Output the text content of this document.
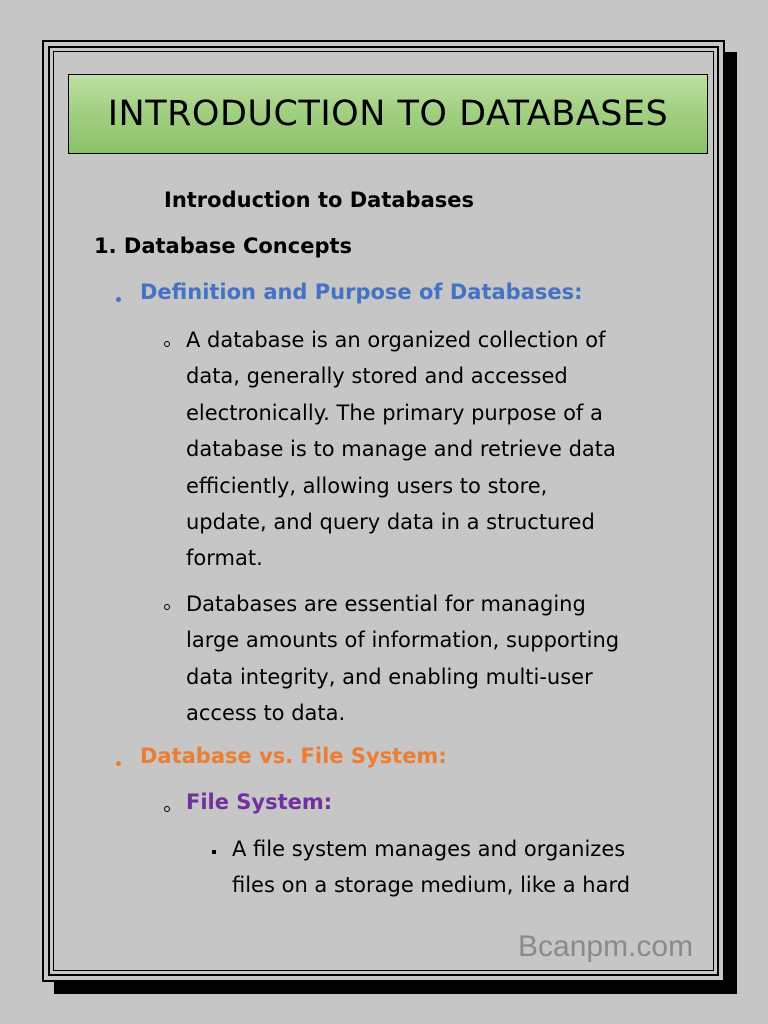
INTRODUCTION TO DATABASES
Introduction to Databases
1. Database Concepts
Definition and Purpose of Databases:
A database is an organized collection of
data, generally stored and accessed
electronically. The primary purpose of a
database is to manage and retrieve data
efficiently, allowing users to store,
update, and query data in a structured
format.
Databases are essential for managing
large amounts of information, supporting
data integrity, and enabling multi-user
access to data.
Database vs. File System:
File System:
A file system manages and organizes
files on a storage medium, like a hard
Bcanpm.com
